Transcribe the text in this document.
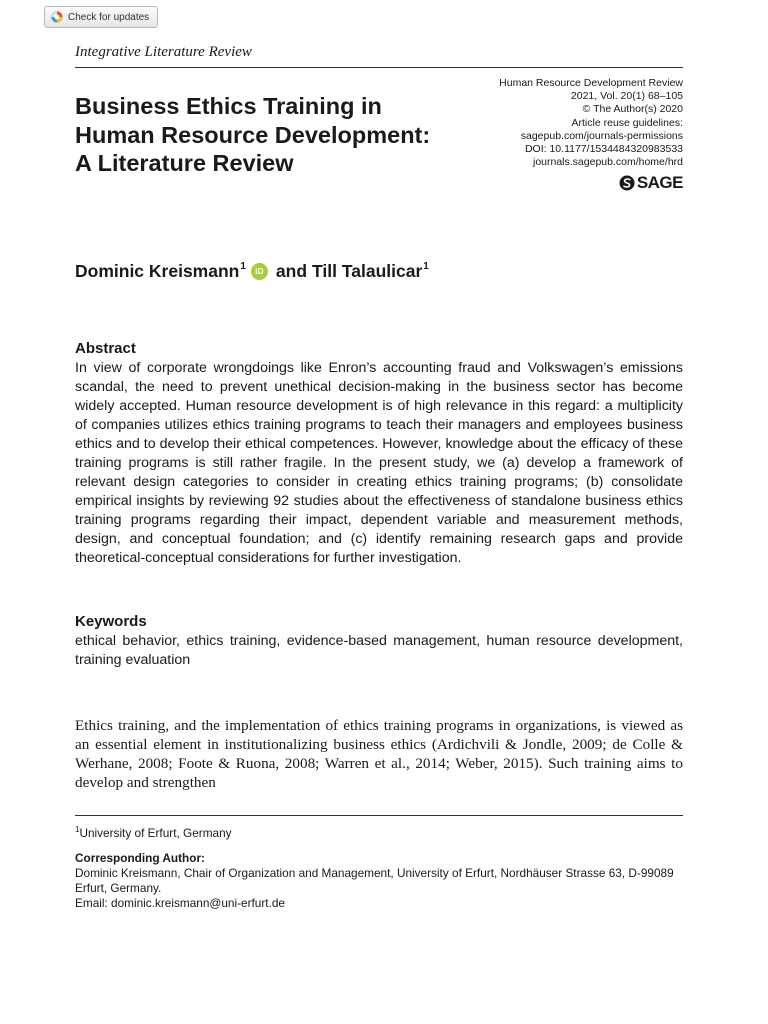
Check for updates
Integrative Literature Review
Human Resource Development Review
2021, Vol. 20(1) 68–105
© The Author(s) 2020
Article reuse guidelines:
sagepub.com/journals-permissions
DOI: 10.1177/1534484320983533
journals.sagepub.com/home/hrd
SAGE
Business Ethics Training in Human Resource Development: A Literature Review
Dominic Kreismann$^1$	iD and Till Talaulicar$^1$
Abstract

In view of corporate wrongdoings like Enron’s accounting fraud and Volkswagen’s emissions scandal, the need to prevent unethical decision-making in the business sector has become widely accepted. Human resource development is of high relevance in this regard: a multiplicity of companies utilizes ethics training programs to teach their managers and employees business ethics and to develop their ethical competences. However, knowledge about the efficacy of these training programs is still rather fragile. In the present study, we (a) develop a framework of relevant design categories to consider in creating ethics training programs; (b) consolidate empirical insights by reviewing 92 studies about the effectiveness of standalone business ethics training programs regarding their impact, dependent variable and measurement methods, design, and conceptual foundation; and (c) identify remaining research gaps and provide theoretical-conceptual considerations for further investigation.

Keywords

ethical behavior, ethics training, evidence-based management, human resource development, training evaluation

Ethics training, and the implementation of ethics training programs in organizations, is viewed as an essential element in institutionalizing business ethics (Ardichvili & Jondle, 2009; de Colle & Werhane, 2008; Foote & Ruona, 2008; Warren et al., 2014; Weber, 2015). Such training aims to develop and strengthen

$^1$University of Erfurt, Germany
Corresponding Author:
Dominic Kreismann, Chair of Organization and Management, University of Erfurt, Nordhäuser Strasse 63, D-99089 Erfurt, Germany.
Email: dominic.kreismann@uni-erfurt.de
